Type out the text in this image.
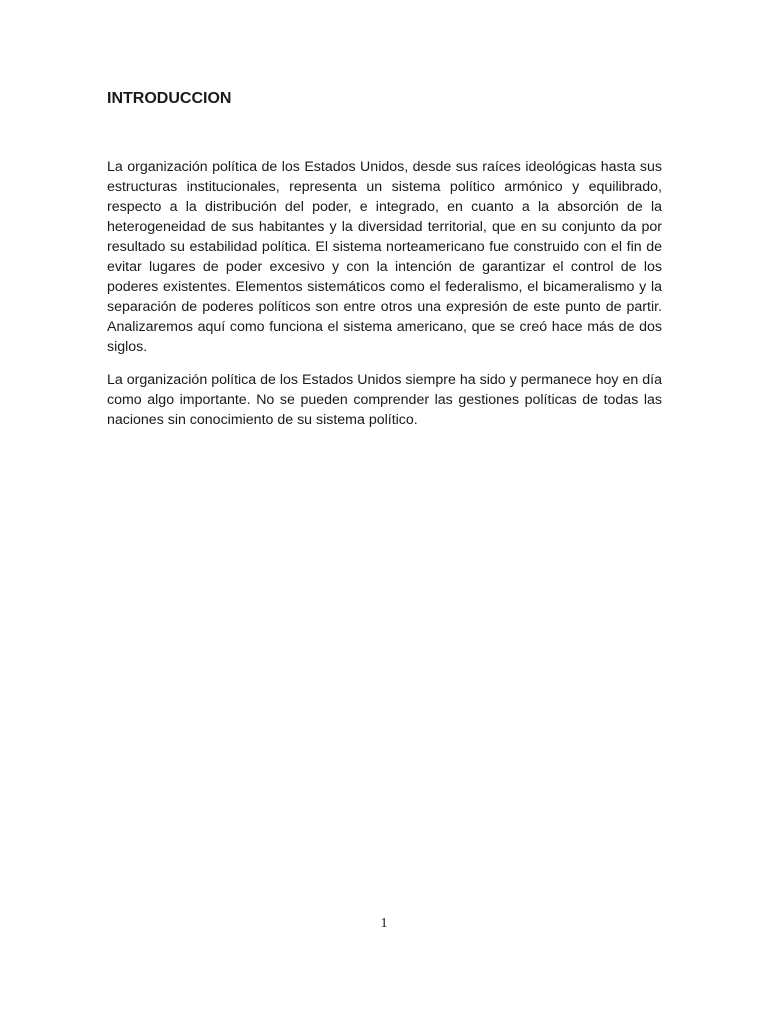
INTRODUCCION

La organización política de los Estados Unidos, desde sus raíces ideológicas hasta sus estructuras institucionales, representa un sistema político armónico y equilibrado, respecto a la distribución del poder, e integrado, en cuanto a la absorción de la heterogeneidad de sus habitantes y la diversidad territorial, que en su conjunto da por resultado su estabilidad política. El sistema norteamericano fue construido con el fin de evitar lugares de poder excesivo y con la intención de garantizar el control de los poderes existentes. Elementos sistemáticos como el federalismo, el bicameralismo y la separación de poderes políticos son entre otros una expresión de este punto de partir. Analizaremos aquí como funciona el sistema americano, que se creó hace más de dos siglos.

La organización política de los Estados Unidos siempre ha sido y permanece hoy en día como algo importante. No se pueden comprender las gestiones políticas de todas las naciones sin conocimiento de su sistema político.

1
